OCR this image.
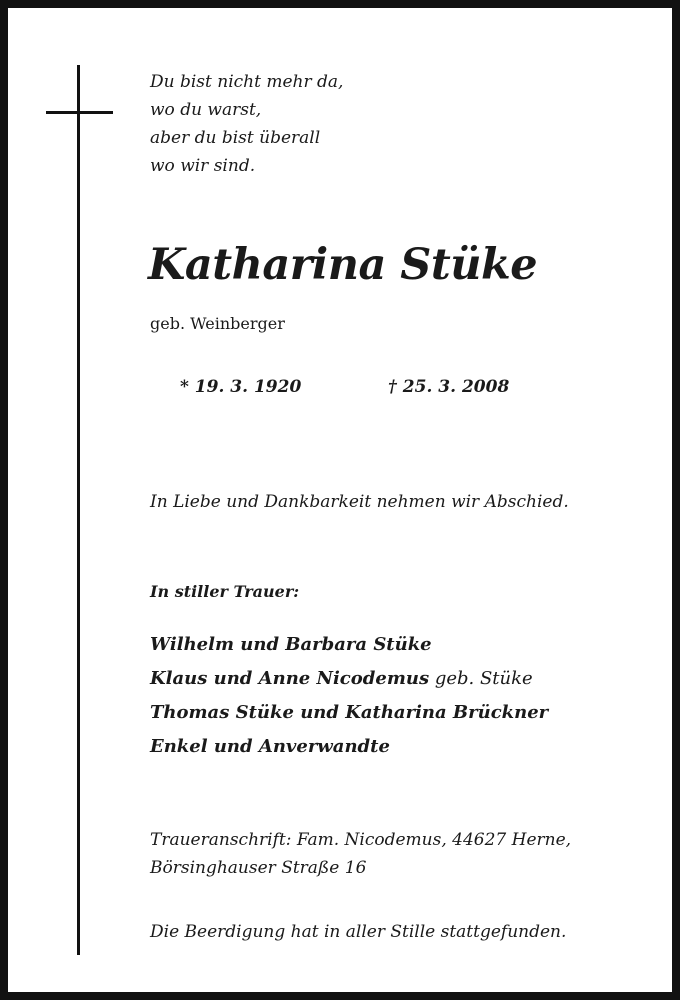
Du bist nicht mehr da,
wo du warst,
aber du bist überall
wo wir sind.
Katharina Stüke
geb. Weinberger
* 19. 3. 1920	† 25. 3. 2008
In Liebe und Dankbarkeit nehmen wir Abschied.
In stiller Trauer:
Wilhelm und Barbara Stüke
Klaus und Anne Nicodemus geb. Stüke
Thomas Stüke und Katharina Brückner
Enkel und Anverwandte
Traueranschrift: Fam. Nicodemus, 44627 Herne,
Börsinghauser Straße 16
Die Beerdigung hat in aller Stille stattgefunden.
